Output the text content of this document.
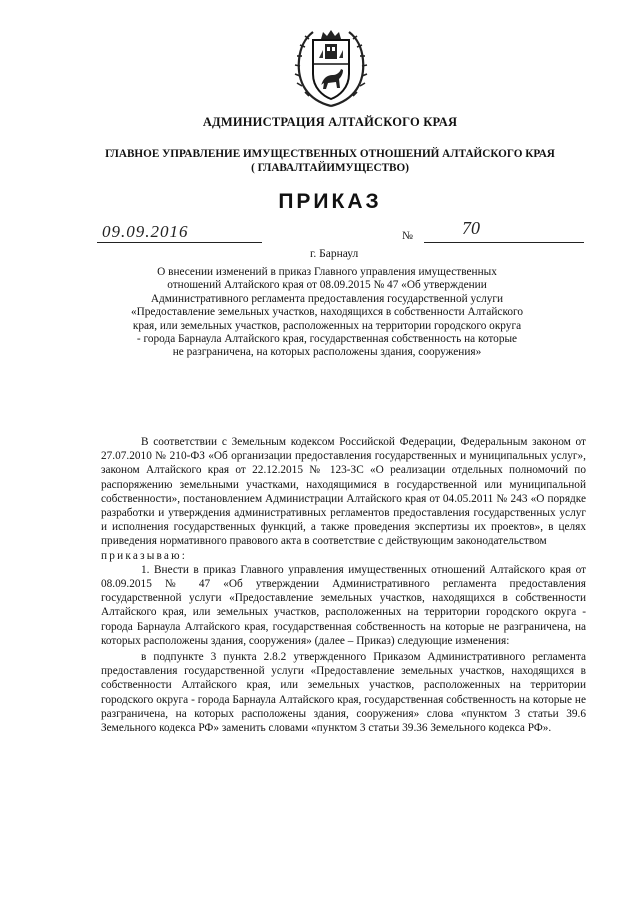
АДМИНИСТРАЦИЯ АЛТАЙСКОГО КРАЯ
ГЛАВНОЕ УПРАВЛЕНИЕ ИМУЩЕСТВЕННЫХ ОТНОШЕНИЙ АЛТАЙСКОГО КРАЯ
( ГЛАВАЛТАЙИМУЩЕСТВО)
ПРИКАЗ
09.09.2016	№	70
г. Барнаул
О внесении изменений в приказ Главного управления имущественных
отношений Алтайского края от 08.09.2015 № 47 «Об утверждении
Административного регламента предоставления государственной услуги
«Предоставление земельных участков, находящихся в собственности Алтайского
края, или земельных участков, расположенных на территории городского округа
- города Барнаула Алтайского края, государственная собственность на которые
не разграничена, на которых расположены здания, сооружения»

В соответствии с Земельным кодексом Российской Федерации, Федеральным законом от 27.07.2010 № 210-ФЗ «Об организации предоставления государственных и муниципальных услуг», законом Алтайского края от 22.12.2015 № 123-ЗС «О реализации отдельных полномочий по распоряжению земельными участками, находящимися в государственной или муниципальной собственности», постановлением Администрации Алтайского края от 04.05.2011 № 243 «О порядке разработки и утверждения административных регламентов предоставления государственных услуг и исполнения государственных функций, а также проведения экспертизы их проектов», в целях приведения нормативного правового акта в соответствие с действующим законодательством

приказываю:

1. Внести в приказ Главного управления имущественных отношений Алтайского края от 08.09.2015 № 47 «Об утверждении Административного регламента предоставления государственной услуги «Предоставление земельных участков, находящихся в собственности Алтайского края, или земельных участков, расположенных на территории городского округа - города Барнаула Алтайского края, государственная собственность на которые не разграничена, на которых расположены здания, сооружения» (далее – Приказ) следующие изменения:

в подпункте 3 пункта 2.8.2 утвержденного Приказом Административного регламента предоставления государственной услуги «Предоставление земельных участков, находящихся в собственности Алтайского края, или земельных участков, расположенных на территории городского округа - города Барнаула Алтайского края, государственная собственность на которые не разграничена, на которых расположены здания, сооружения» слова «пунктом 3 статьи 39.6 Земельного кодекса РФ» заменить словами «пунктом 3 статьи 39.36 Земельного кодекса РФ».
